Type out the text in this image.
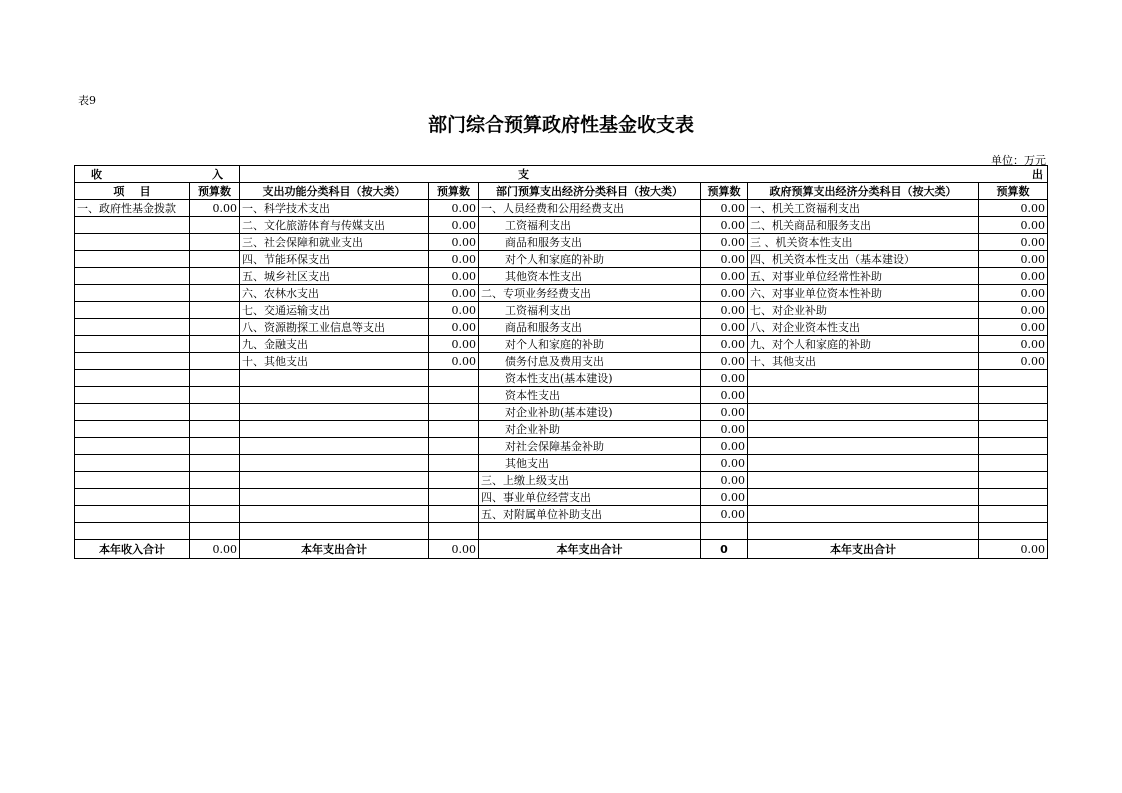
表9
部门综合预算政府性基金收支表
单位：万元
收 入		支 出					

项    目	预算数	支出功能分类科目（按大类）	预算数	部门预算支出经济分类科目（按大类）	预算数	政府预算支出经济分类科目（按大类）	预算数
一、政府性基金拨款	0.00	一、科学技术支出	0.00	一、人员经费和公用经费支出	0.00	一、机关工资福利支出	0.00
		二、文化旅游体育与传媒支出	0.00	工资福利支出	0.00	二、机关商品和服务支出	0.00
		三、社会保障和就业支出	0.00	商品和服务支出	0.00	三 、机关资本性支出	0.00
		四、节能环保支出	0.00	对个人和家庭的补助	0.00	四、机关资本性支出（基本建设）	0.00
		五、城乡社区支出	0.00	其他资本性支出	0.00	五、对事业单位经常性补助	0.00
		六、农林水支出	0.00	二、专项业务经费支出	0.00	六、对事业单位资本性补助	0.00
		七、交通运输支出	0.00	工资福利支出	0.00	七、对企业补助	0.00
		八、资源勘探工业信息等支出	0.00	商品和服务支出	0.00	八、对企业资本性支出	0.00
		九、金融支出	0.00	对个人和家庭的补助	0.00	九、对个人和家庭的补助	0.00
		十、其他支出	0.00	债务付息及费用支出	0.00	十、其他支出	0.00
				资本性支出(基本建设)	0.00		
				资本性支出	0.00		
				对企业补助(基本建设)	0.00		
				对企业补助	0.00		
				对社会保障基金补助	0.00		
				其他支出	0.00		
				三、上缴上级支出	0.00		
				四、事业单位经营支出	0.00		
				五、对附属单位补助支出	0.00		

本年收入合计	0.00	本年支出合计	0.00	本年支出合计	0	本年支出合计	0.00
